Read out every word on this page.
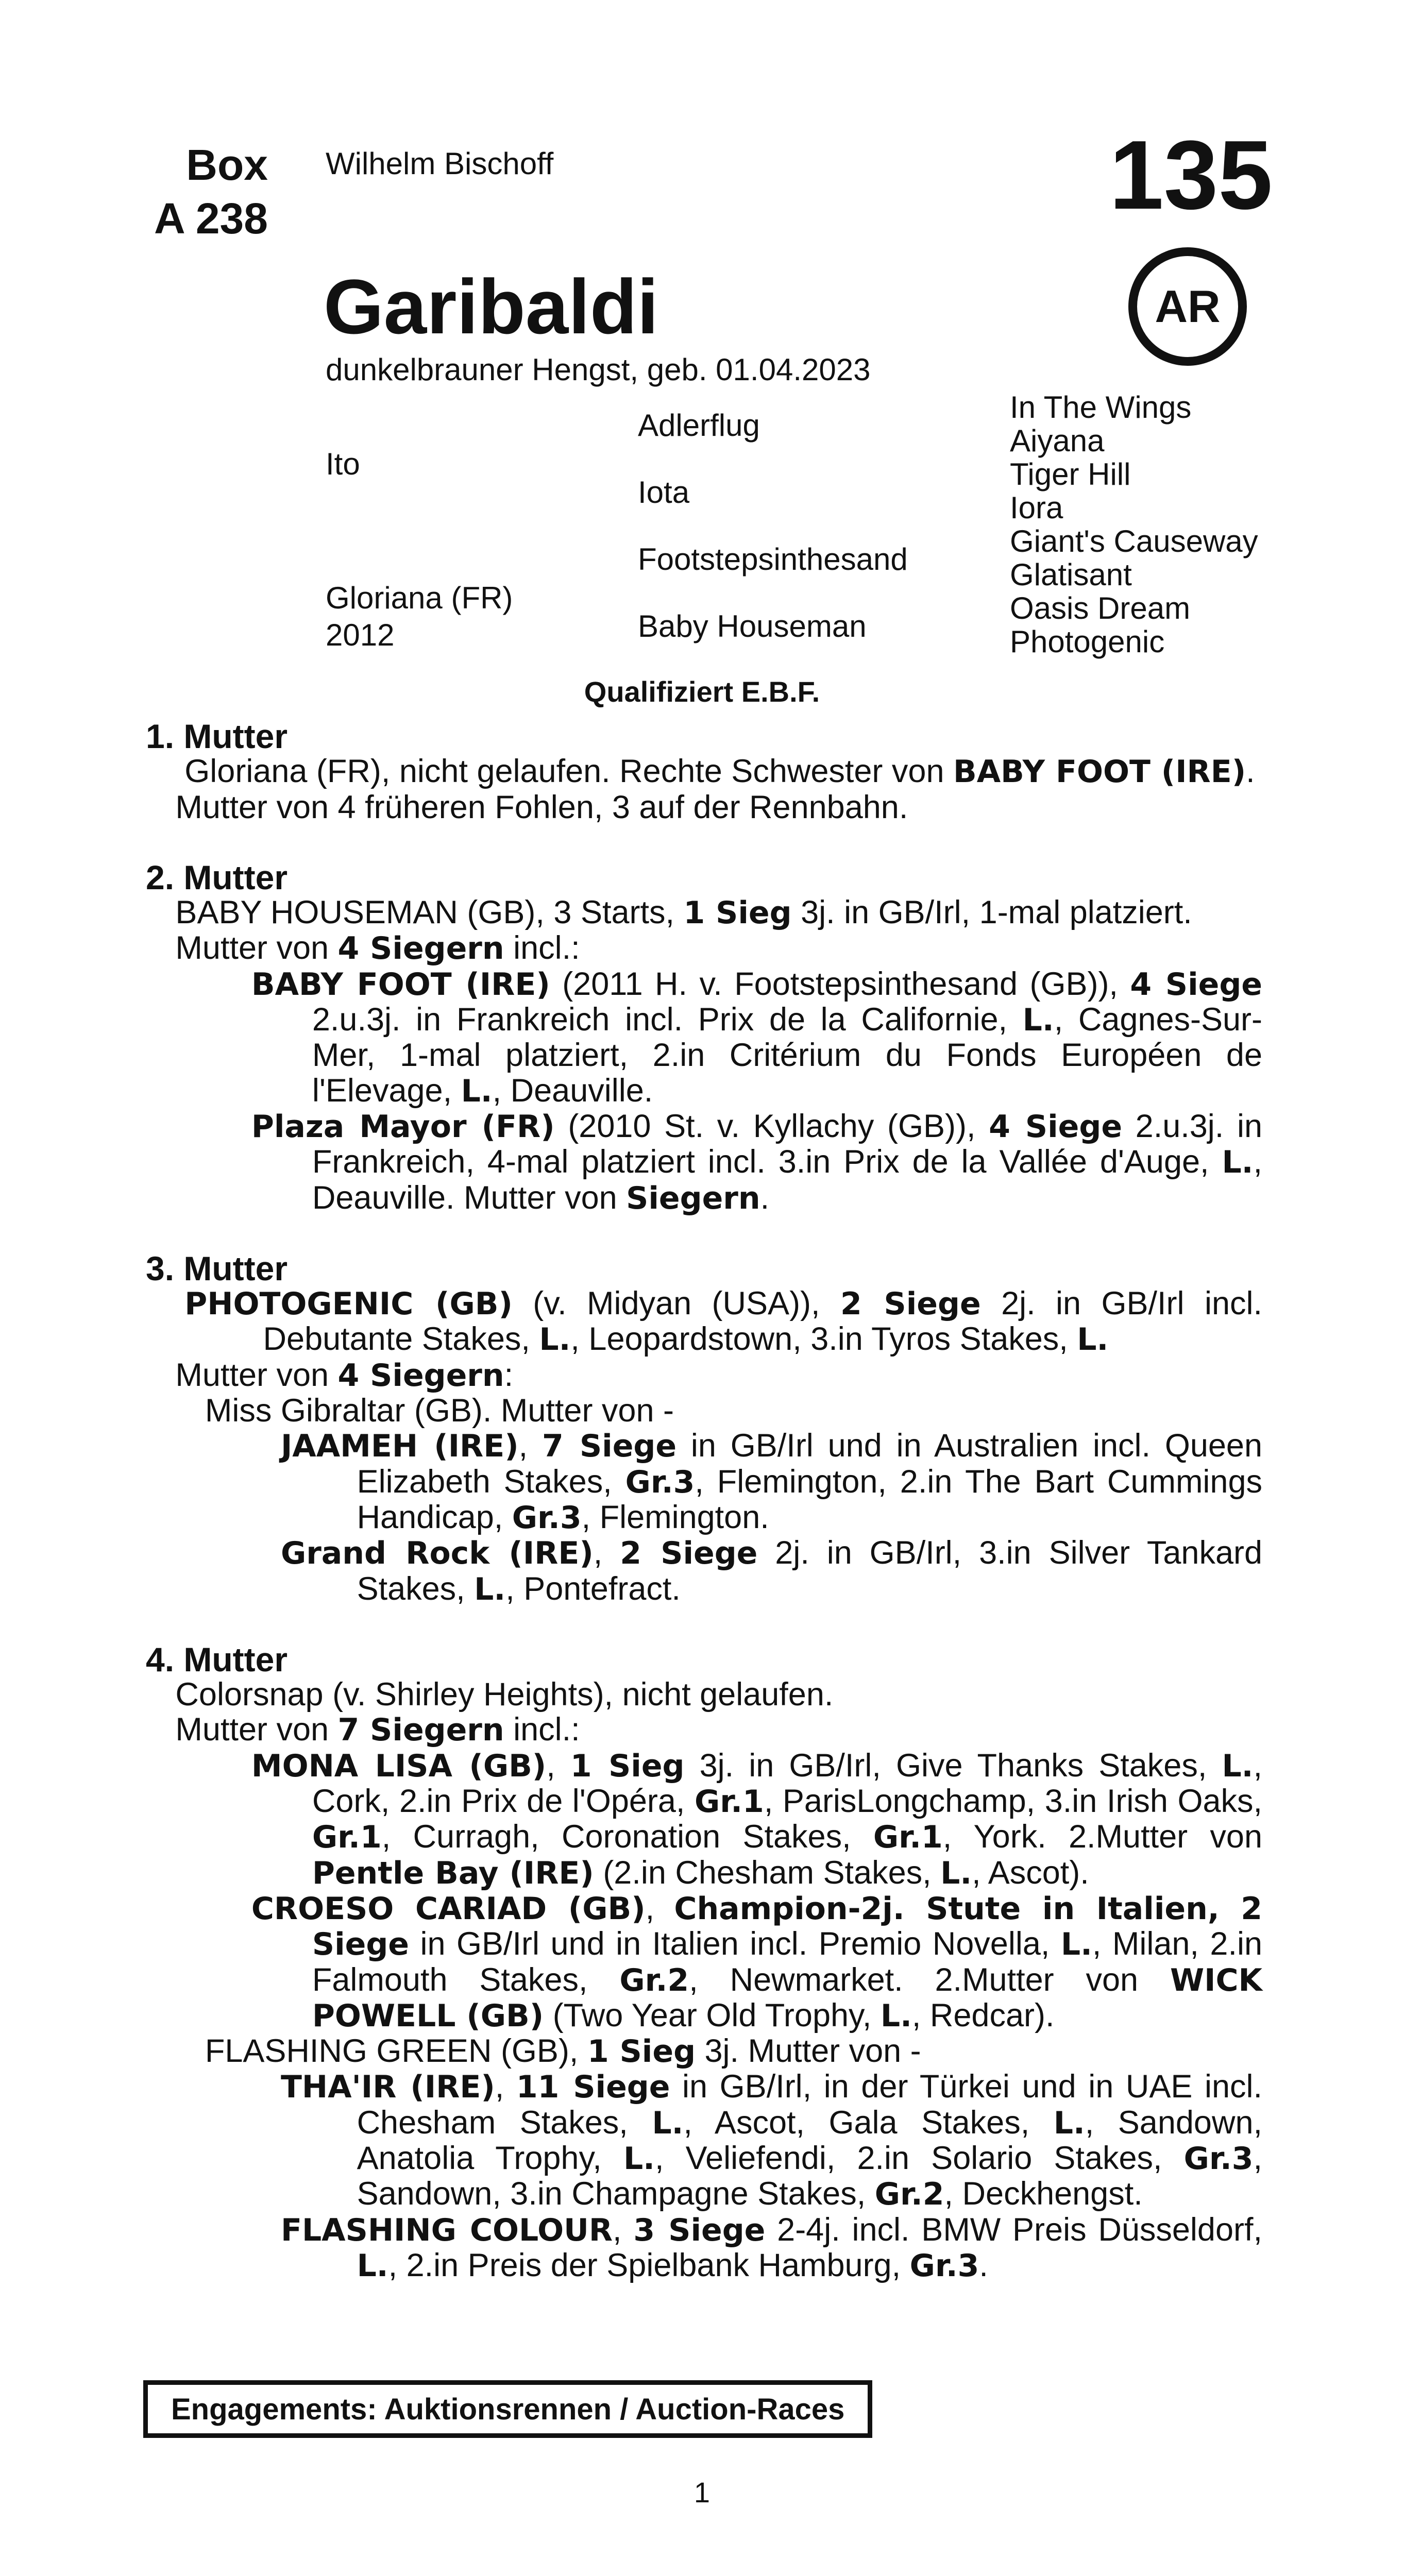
Box
A 238
Wilhelm Bischoff	135
AR
Garibaldi
dunkelbrauner Hengst, geb. 01.04.2023
Ito
Gloriana (FR)
2012
Adlerflug
Iota
Footstepsinthesand
Baby Houseman
In The Wings
Aiyana
Tiger Hill
Iora
Giant's Causeway
Glatisant
Oasis Dream
Photogenic
Qualifiziert E.B.F.

1. Mutter

Gloriana (FR), nicht gelaufen. Rechte Schwester von BABY FOOT (IRE).

Mutter von 4 früheren Fohlen, 3 auf der Rennbahn.

2. Mutter

BABY HOUSEMAN (GB), 3 Starts, 1 Sieg 3j. in GB/Irl, 1-mal platziert.

Mutter von 4 Siegern incl.:

BABY FOOT (IRE) (2011 H. v. Footstepsinthesand (GB)), 4 Siege 2.u.3j. in Frankreich incl. Prix de la Californie, L., Cagnes-Sur-Mer, 1-mal platziert, 2.in Critérium du Fonds Européen de l'Elevage, L., Deauville.

Plaza Mayor (FR) (2010 St. v. Kyllachy (GB)), 4 Siege 2.u.3j. in Frankreich, 4-mal platziert incl. 3.in Prix de la Vallée d'Auge, L., Deauville. Mutter von Siegern.

3. Mutter

PHOTOGENIC (GB) (v. Midyan (USA)), 2 Siege 2j. in GB/Irl incl. Debutante Stakes, L., Leopardstown, 3.in Tyros Stakes, L.

Mutter von 4 Siegern:

Miss Gibraltar (GB). Mutter von -

JAAMEH (IRE), 7 Siege in GB/Irl und in Australien incl. Queen Elizabeth Stakes, Gr.3, Flemington, 2.in The Bart Cummings Handicap, Gr.3, Flemington.

Grand Rock (IRE), 2 Siege 2j. in GB/Irl, 3.in Silver Tankard Stakes, L., Pontefract.

4. Mutter

Colorsnap (v. Shirley Heights), nicht gelaufen.

Mutter von 7 Siegern incl.:

MONA LISA (GB), 1 Sieg 3j. in GB/Irl, Give Thanks Stakes, L., Cork, 2.in Prix de l'Opéra, Gr.1, ParisLongchamp, 3.in Irish Oaks, Gr.1, Curragh, Coronation Stakes, Gr.1, York. 2.Mutter von Pentle Bay (IRE) (2.in Chesham Stakes, L., Ascot).

CROESO CARIAD (GB), Champion-2j. Stute in Italien, 2 Siege in GB/Irl und in Italien incl. Premio Novella, L., Milan, 2.in Falmouth Stakes, Gr.2, Newmarket. 2.Mutter von WICK POWELL (GB) (Two Year Old Trophy, L., Redcar).

FLASHING GREEN (GB), 1 Sieg 3j. Mutter von -

THA'IR (IRE), 11 Siege in GB/Irl, in der Türkei und in UAE incl. Chesham Stakes, L., Ascot, Gala Stakes, L., Sandown, Anatolia Trophy, L., Veliefendi, 2.in Solario Stakes, Gr.3, Sandown, 3.in Champagne Stakes, Gr.2, Deckhengst.

FLASHING COLOUR, 3 Siege 2-4j. incl. BMW Preis Düsseldorf, L., 2.in Preis der Spielbank Hamburg, Gr.3.

Engagements: Auktionsrennen / Auction-Races
1
